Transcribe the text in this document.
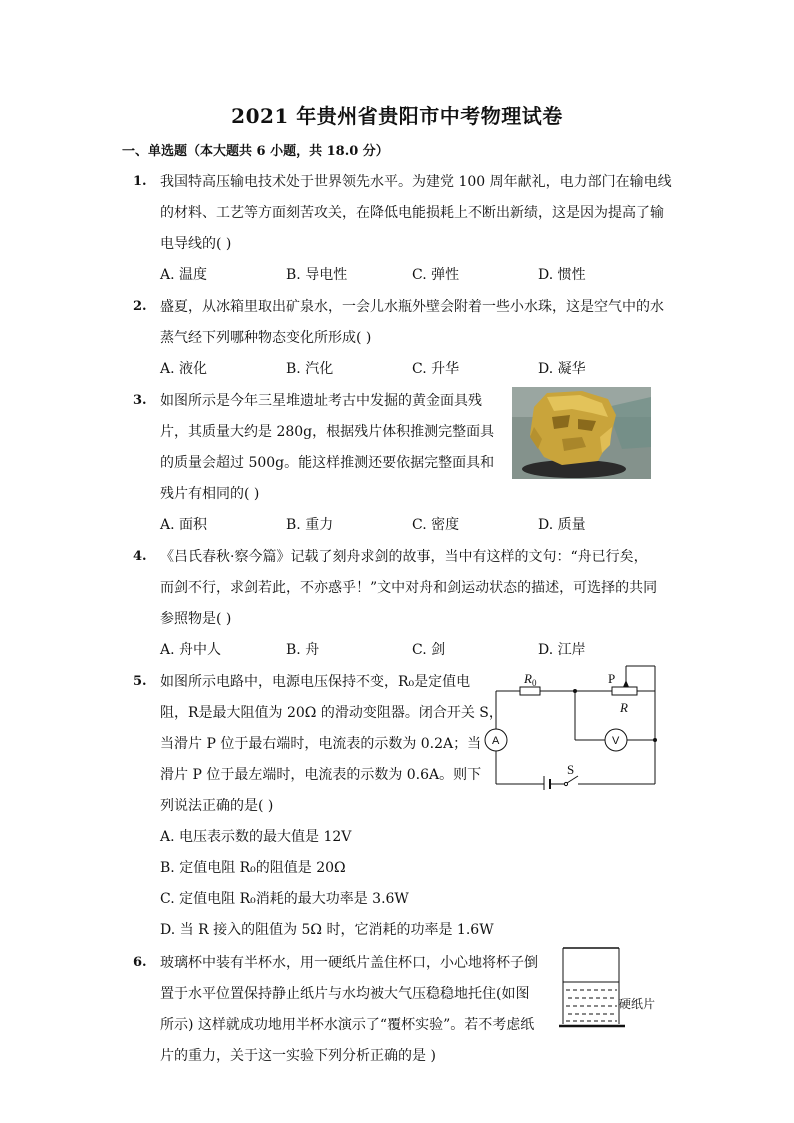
2021 年贵州省贵阳市中考物理试卷
一、单选题（本大题共 6 小题，共 18.0 分）
1. 我国特高压输电技术处于世界领先水平。为建党 100 周年献礼，电力部门在输电线
的材料、工艺等方面刻苦攻关，在降低电能损耗上不断出新绩，这是因为提高了输
电导线的( )
A. 温度	B. 导电性	C. 弹性	D. 惯性
2. 盛夏，从冰箱里取出矿泉水，一会儿水瓶外壁会附着一些小水珠，这是空气中的水
蒸气经下列哪种物态变化所形成( )
A. 液化	B. 汽化	C. 升华	D. 凝华
3. 如图所示是今年三星堆遗址考古中发掘的黄金面具残
片，其质量大约是 280g，根据残片体积推测完整面具
的质量会超过 500g。能这样推测还要依据完整面具和
残片有相同的( )
A. 面积	B. 重力	C. 密度	D. 质量
4. 《吕氏春秋·察今篇》记载了刻舟求剑的故事，当中有这样的文句：“舟已行矣，
而剑不行，求剑若此，不亦惑乎！”文中对舟和剑运动状态的描述，可选择的共同
参照物是( )
A. 舟中人	B. 舟	C. 剑	D. 江岸
5. 如图所示电路中，电源电压保持不变，R₀是定值电
阻，R是最大阻值为 20Ω 的滑动变阻器。闭合开关 S，
当滑片 P 位于最右端时，电流表的示数为 0.2A；当
滑片 P 位于最左端时，电流表的示数为 0.6A。则下
列说法正确的是( )
A. 电压表示数的最大值是 12V
B. 定值电阻 R₀的阻值是 20Ω
C. 定值电阻 R₀消耗的最大功率是 3.6W
D. 当 R 接入的阻值为 5Ω 时，它消耗的功率是 1.6W
$R_0$	P
R
A	V
S
6. 玻璃杯中装有半杯水，用一硬纸片盖住杯口，小心地将杯子倒
置于水平位置保持静止纸片与水均被大气压稳稳地托住(如图
所示) 这样就成功地用半杯水演示了“覆杯实验”。若不考虑纸
片的重力，关于这一实验下列分析正确的是 )
硬纸片
